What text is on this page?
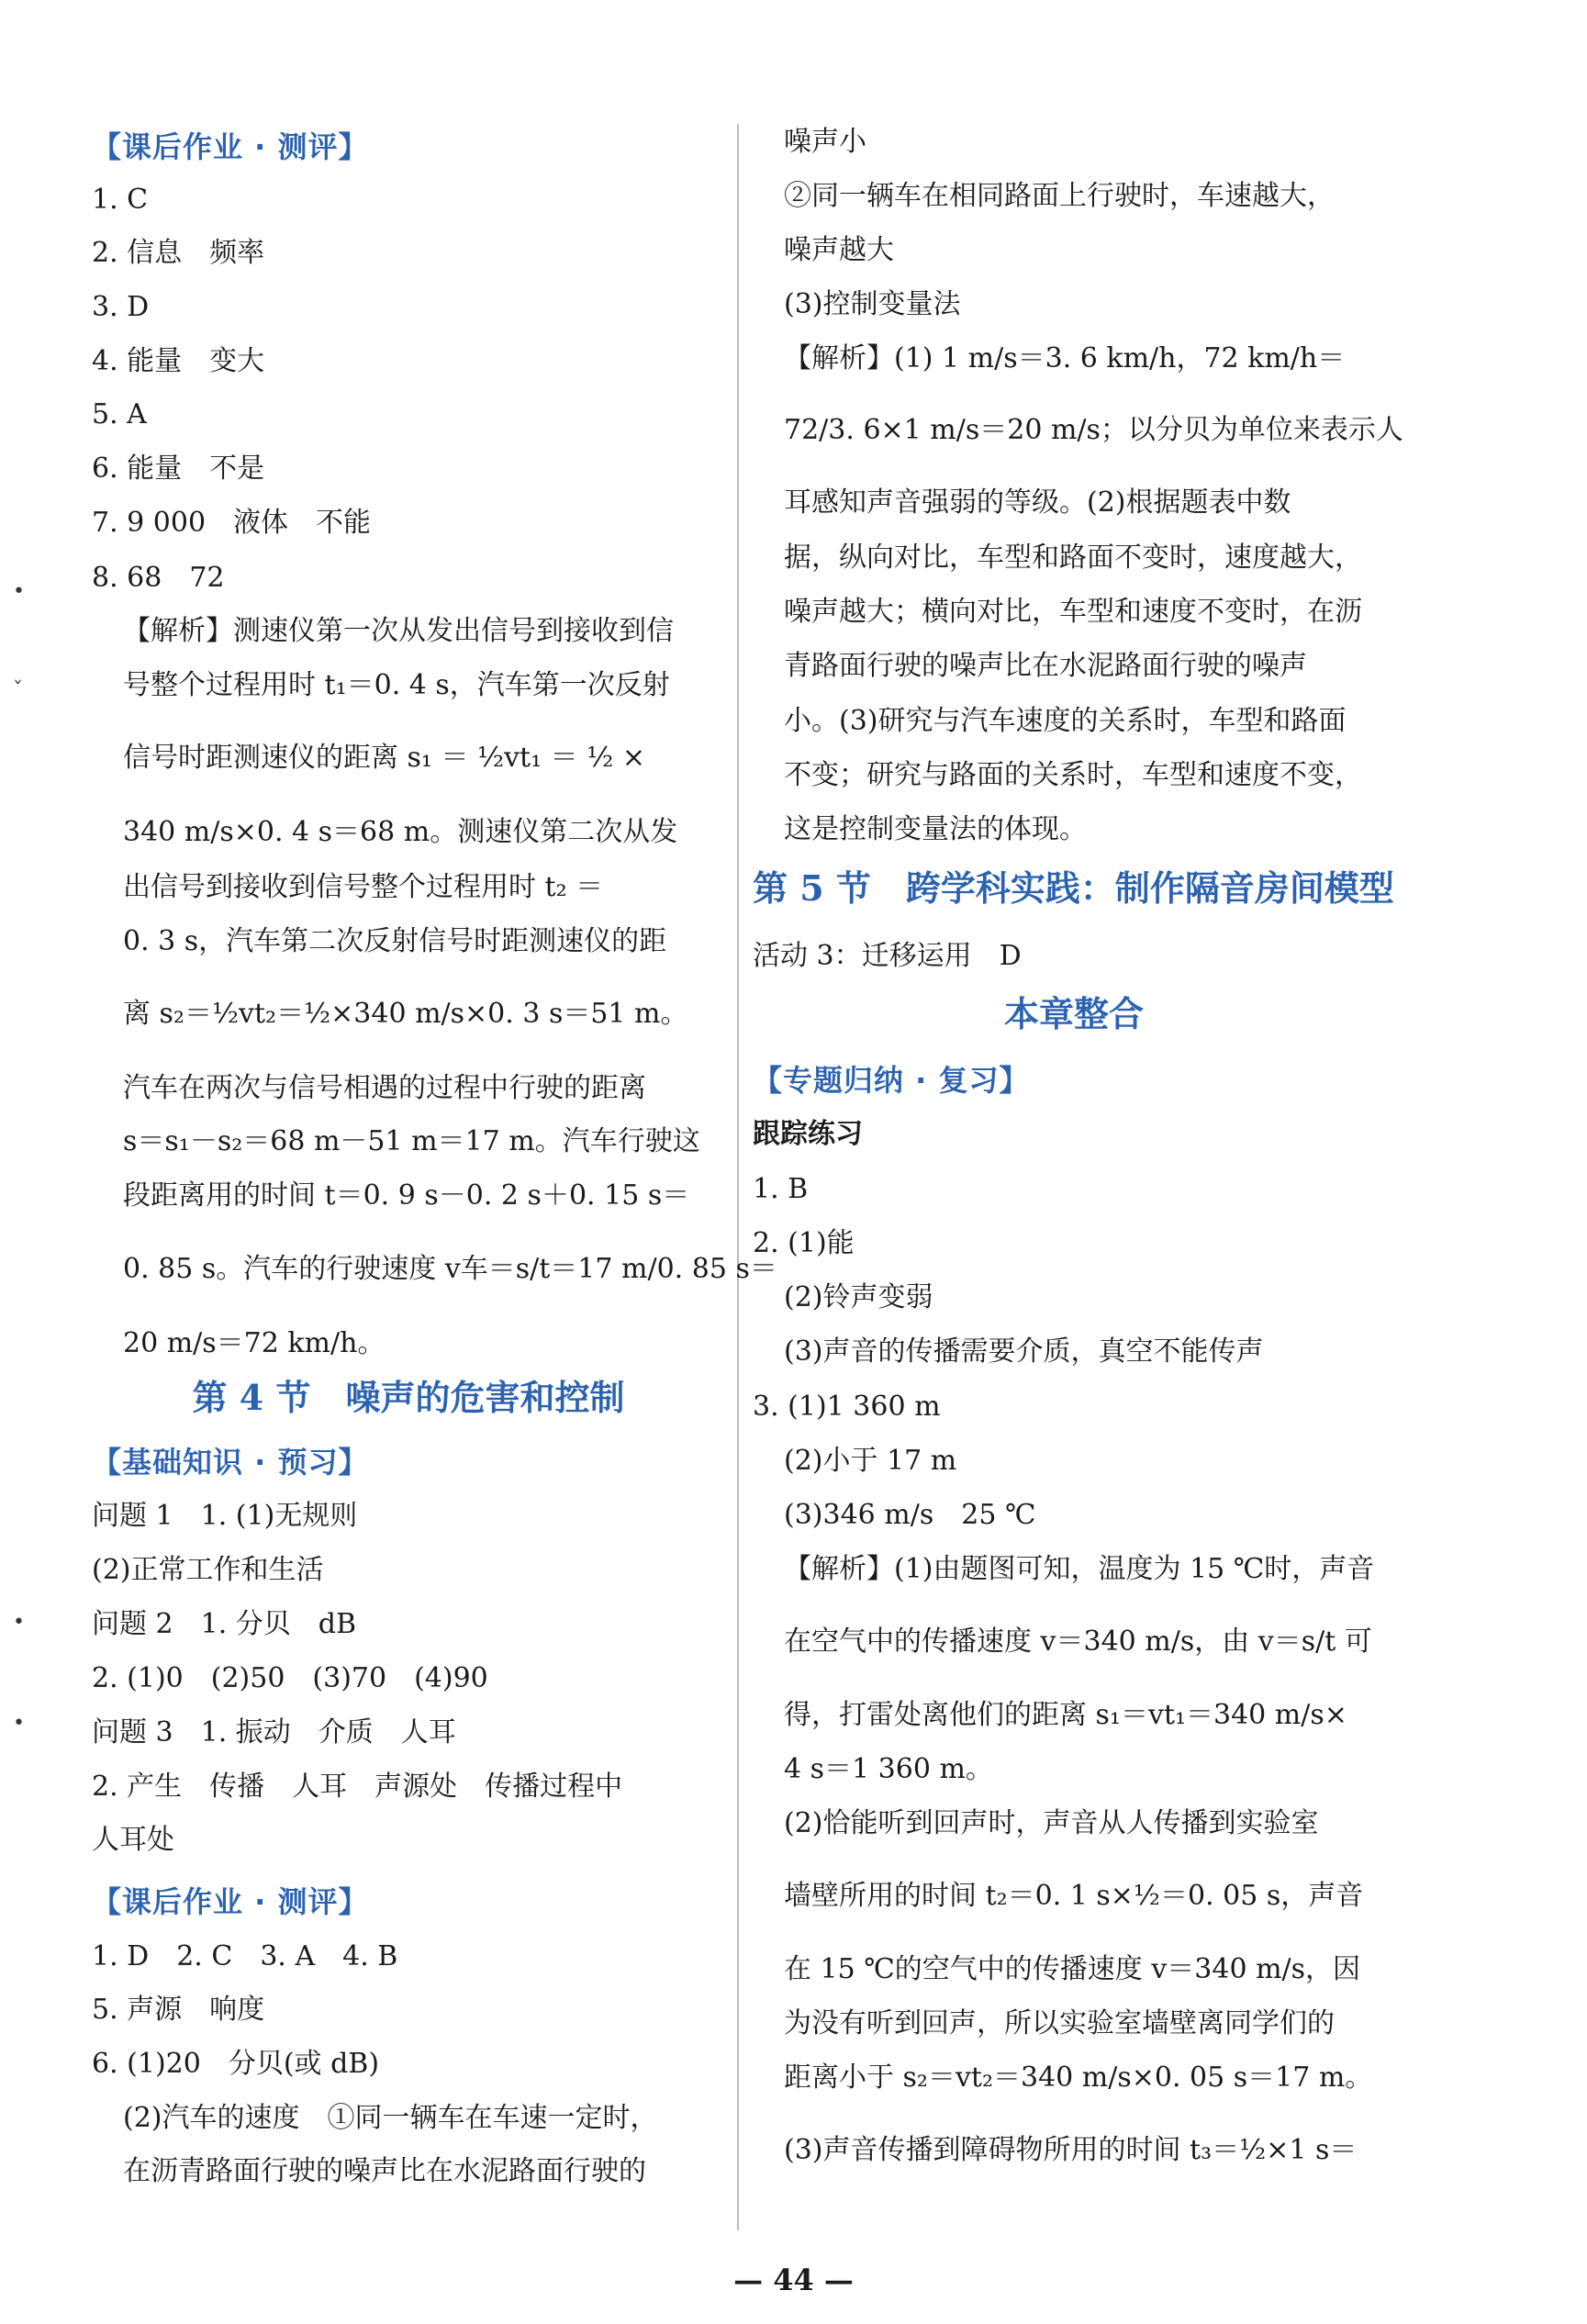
【课后作业 · 测评】
1. C
2. 信息　频率
3. D
4. 能量　变大
5. A
6. 能量　不是
7. 9 000　液体　不能
8. 68　72
【解析】测速仪第一次从发出信号到接收到信
号整个过程用时 t₁＝0. 4 s，汽车第一次反射
信号时距测速仪的距离 s₁ ＝ ½vt₁ ＝ ½ ×
340 m/s×0. 4 s＝68 m。测速仪第二次从发
出信号到接收到信号整个过程用时 t₂ ＝
0. 3 s，汽车第二次反射信号时距测速仪的距
离 s₂＝½vt₂＝½×340 m/s×0. 3 s＝51 m。
汽车在两次与信号相遇的过程中行驶的距离
s＝s₁－s₂＝68 m－51 m＝17 m。汽车行驶这
段距离用的时间 t＝0. 9 s－0. 2 s＋0. 15 s＝
0. 85 s。汽车的行驶速度 v车＝s/t＝17 m/0. 85 s＝
20 m/s＝72 km/h。
第 4 节　噪声的危害和控制
【基础知识 · 预习】
问题 1　1. (1)无规则
(2)正常工作和生活
问题 2　1. 分贝　dB
2. (1)0　(2)50　(3)70　(4)90
问题 3　1. 振动　介质　人耳
2. 产生　传播　人耳　声源处　传播过程中
人耳处
【课后作业 · 测评】
1. D　2. C　3. A　4. B
5. 声源　响度
6. (1)20　分贝(或 dB)
(2)汽车的速度　①同一辆车在车速一定时，
在沥青路面行驶的噪声比在水泥路面行驶的
噪声小
②同一辆车在相同路面上行驶时，车速越大，
噪声越大
(3)控制变量法
【解析】(1) 1 m/s＝3. 6 km/h，72 km/h＝
72/3. 6×1 m/s＝20 m/s；以分贝为单位来表示人
耳感知声音强弱的等级。(2)根据题表中数
据，纵向对比，车型和路面不变时，速度越大，
噪声越大；横向对比，车型和速度不变时，在沥
青路面行驶的噪声比在水泥路面行驶的噪声
小。(3)研究与汽车速度的关系时，车型和路面
不变；研究与路面的关系时，车型和速度不变，
这是控制变量法的体现。
第 5 节　跨学科实践：制作隔音房间模型
活动 3：迁移运用　D
本章整合
【专题归纳 · 复习】
跟踪练习
1. B
2. (1)能
(2)铃声变弱
(3)声音的传播需要介质，真空不能传声
3. (1)1 360 m
(2)小于 17 m
(3)346 m/s　25 ℃
【解析】(1)由题图可知，温度为 15 ℃时，声音
在空气中的传播速度 v＝340 m/s，由 v＝s/t 可
得，打雷处离他们的距离 s₁＝vt₁＝340 m/s×
4 s＝1 360 m。
(2)恰能听到回声时，声音从人传播到实验室
墙壁所用的时间 t₂＝0. 1 s×½＝0. 05 s，声音
在 15 ℃的空气中的传播速度 v＝340 m/s，因
为没有听到回声，所以实验室墙壁离同学们的
距离小于 s₂＝vt₂＝340 m/s×0. 05 s＝17 m。
(3)声音传播到障碍物所用的时间 t₃＝½×1 s＝
•
ˇ
•
•
— 44 —
